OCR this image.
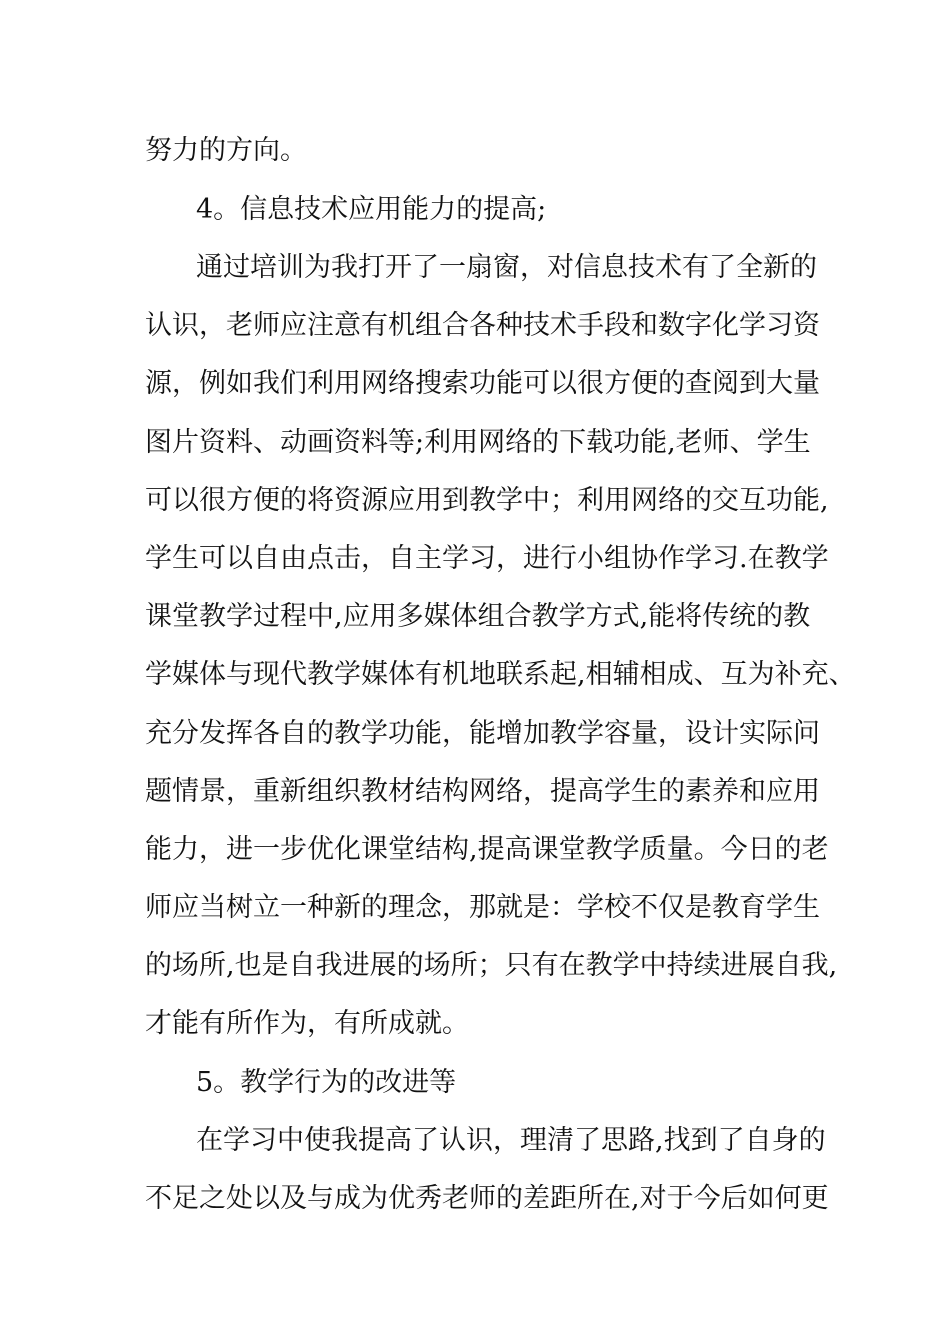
努力的方向。
4。信息技术应用能力的提高;
通过培训为我打开了一扇窗，对信息技术有了全新的
认识，老师应注意有机组合各种技术手段和数字化学习资
源，例如我们利用网络搜索功能可以很方便的查阅到大量
图片资料、动画资料等;利用网络的下载功能,老师、学生
可以很方便的将资源应用到教学中；利用网络的交互功能,
学生可以自由点击，自主学习，进行小组协作学习.在教学
课堂教学过程中,应用多媒体组合教学方式,能将传统的教
学媒体与现代教学媒体有机地联系起,相辅相成、互为补充、
充分发挥各自的教学功能，能增加教学容量，设计实际问
题情景，重新组织教材结构网络，提高学生的素养和应用
能力，进一步优化课堂结构,提高课堂教学质量。今日的老
师应当树立一种新的理念，那就是：学校不仅是教育学生
的场所,也是自我进展的场所；只有在教学中持续进展自我,
才能有所作为，有所成就。
5。教学行为的改进等
在学习中使我提高了认识，理清了思路,找到了自身的
不足之处以及与成为优秀老师的差距所在,对于今后如何更
